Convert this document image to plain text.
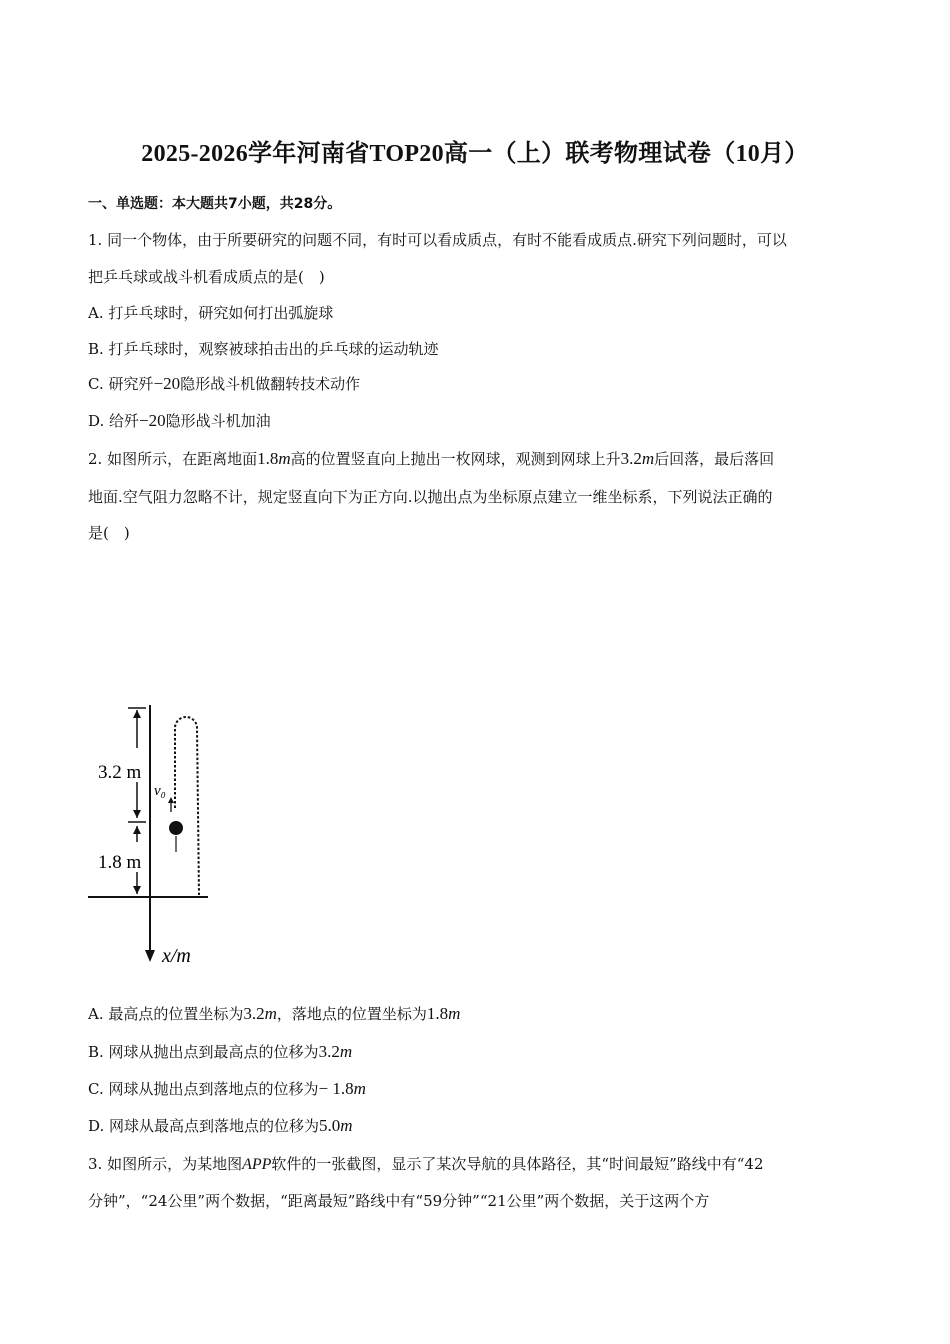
2025-2026学年河南省TOP20高一（上）联考物理试卷（10月）
一、单选题：本大题共7小题，共28分。
1. 同一个物体，由于所要研究的问题不同，有时可以看成质点，有时不能看成质点.研究下列问题时，可以
把乒乓球或战斗机看成质点的是(　)
A. 打乒乓球时，研究如何打出弧旋球
B. 打乒乓球时，观察被球拍击出的乒乓球的运动轨迹
C. 研究歼−20隐形战斗机做翻转技术动作
D. 给歼−20隐形战斗机加油
2. 如图所示，在距离地面1.8m高的位置竖直向上抛出一枚网球，观测到网球上升3.2m后回落，最后落回
地面.空气阻力忽略不计，规定竖直向下为正方向.以抛出点为坐标原点建立一维坐标系，下列说法正确的
是(　)
3.2 m
1.8 m
v₀
x/m
A. 最高点的位置坐标为3.2m，落地点的位置坐标为1.8m
B. 网球从抛出点到最高点的位移为3.2m
C. 网球从抛出点到落地点的位移为− 1.8m
D. 网球从最高点到落地点的位移为5.0m
3. 如图所示，为某地图APP软件的一张截图，显示了某次导航的具体路径，其“时间最短”路线中有“42
分钟”，“24公里”两个数据，“距离最短”路线中有“59分钟”“21公里”两个数据，关于这两个方
